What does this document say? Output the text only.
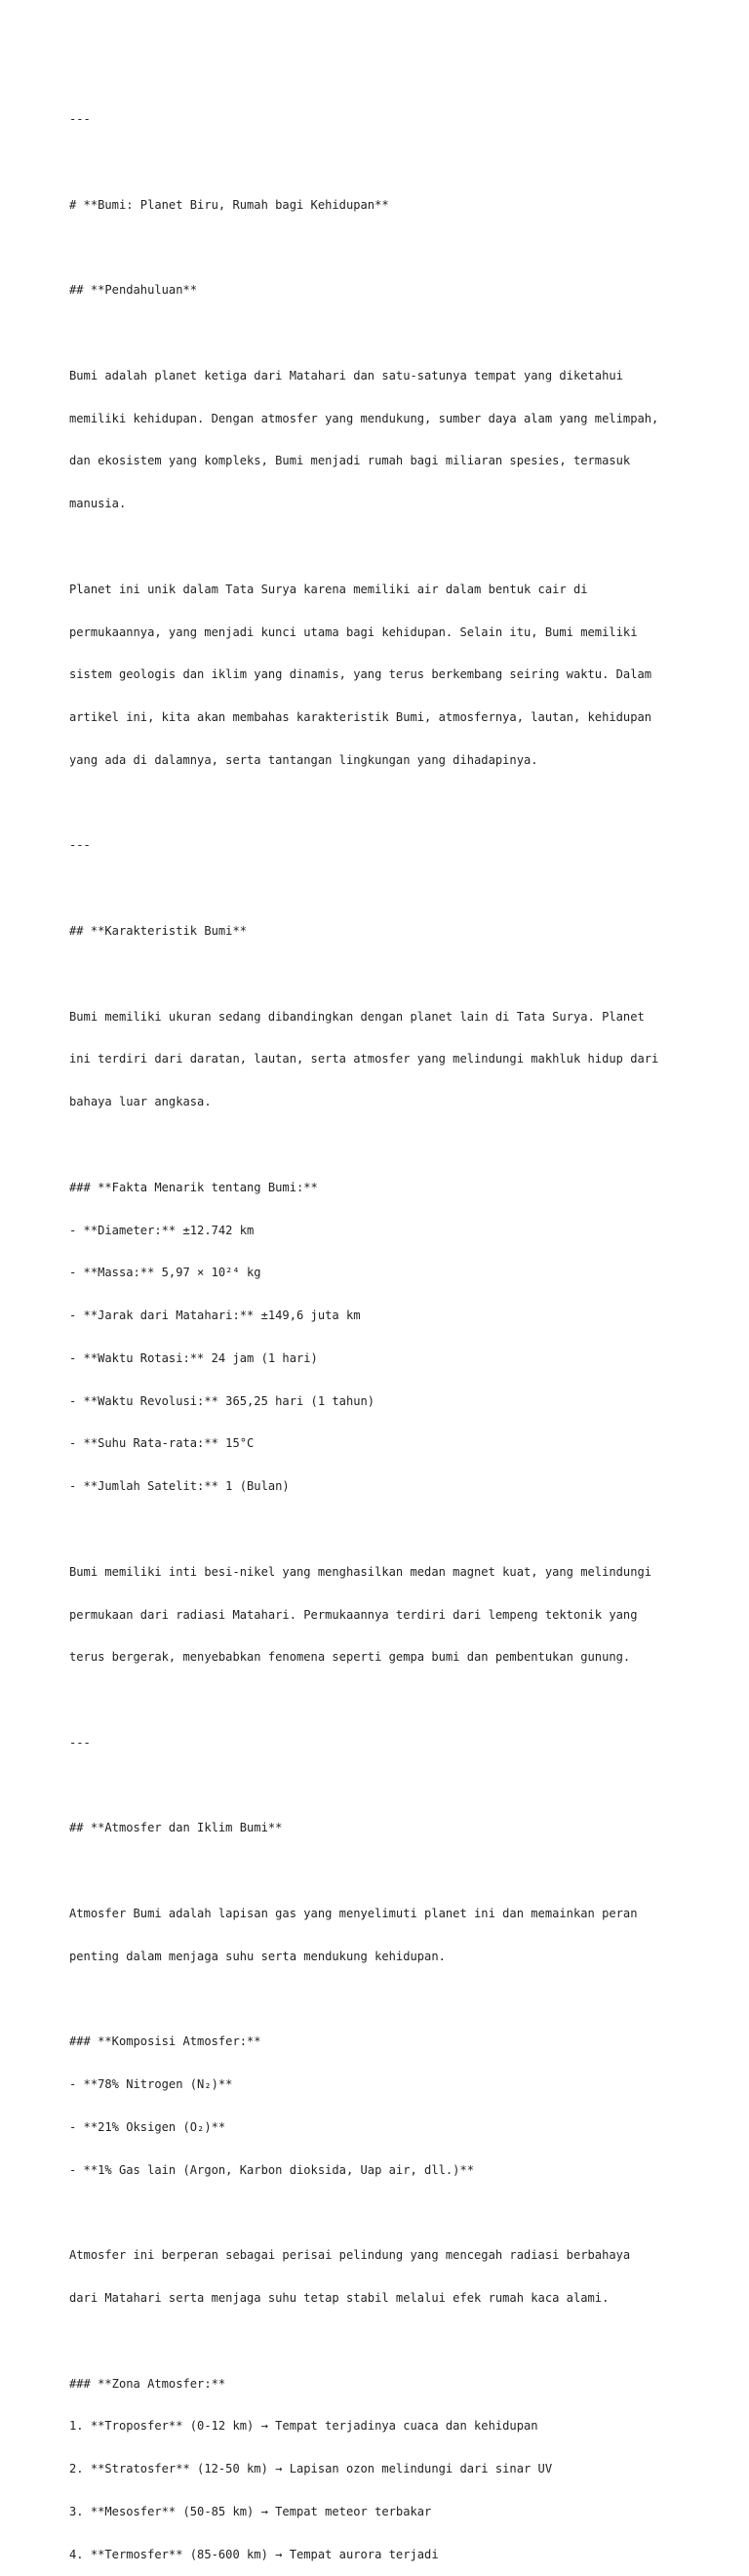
---

# **Bumi: Planet Biru, Rumah bagi Kehidupan**

## **Pendahuluan**

Bumi adalah planet ketiga dari Matahari dan satu-satunya tempat yang diketahui

memiliki kehidupan. Dengan atmosfer yang mendukung, sumber daya alam yang melimpah,

dan ekosistem yang kompleks, Bumi menjadi rumah bagi miliaran spesies, termasuk

manusia.

Planet ini unik dalam Tata Surya karena memiliki air dalam bentuk cair di

permukaannya, yang menjadi kunci utama bagi kehidupan. Selain itu, Bumi memiliki

sistem geologis dan iklim yang dinamis, yang terus berkembang seiring waktu. Dalam

artikel ini, kita akan membahas karakteristik Bumi, atmosfernya, lautan, kehidupan

yang ada di dalamnya, serta tantangan lingkungan yang dihadapinya.

---

## **Karakteristik Bumi**

Bumi memiliki ukuran sedang dibandingkan dengan planet lain di Tata Surya. Planet

ini terdiri dari daratan, lautan, serta atmosfer yang melindungi makhluk hidup dari

bahaya luar angkasa.

### **Fakta Menarik tentang Bumi:**

- **Diameter:** ±12.742 km

- **Massa:** 5,97 × 10²⁴ kg

- **Jarak dari Matahari:** ±149,6 juta km

- **Waktu Rotasi:** 24 jam (1 hari)

- **Waktu Revolusi:** 365,25 hari (1 tahun)

- **Suhu Rata-rata:** 15°C

- **Jumlah Satelit:** 1 (Bulan)

Bumi memiliki inti besi-nikel yang menghasilkan medan magnet kuat, yang melindungi

permukaan dari radiasi Matahari. Permukaannya terdiri dari lempeng tektonik yang

terus bergerak, menyebabkan fenomena seperti gempa bumi dan pembentukan gunung.

---

## **Atmosfer dan Iklim Bumi**

Atmosfer Bumi adalah lapisan gas yang menyelimuti planet ini dan memainkan peran

penting dalam menjaga suhu serta mendukung kehidupan.

### **Komposisi Atmosfer:**

- **78% Nitrogen (N₂)**

- **21% Oksigen (O₂)**

- **1% Gas lain (Argon, Karbon dioksida, Uap air, dll.)**

Atmosfer ini berperan sebagai perisai pelindung yang mencegah radiasi berbahaya

dari Matahari serta menjaga suhu tetap stabil melalui efek rumah kaca alami.

### **Zona Atmosfer:**

1. **Troposfer** (0-12 km) → Tempat terjadinya cuaca dan kehidupan

2. **Stratosfer** (12-50 km) → Lapisan ozon melindungi dari sinar UV

3. **Mesosfer** (50-85 km) → Tempat meteor terbakar

4. **Termosfer** (85-600 km) → Tempat aurora terjadi
